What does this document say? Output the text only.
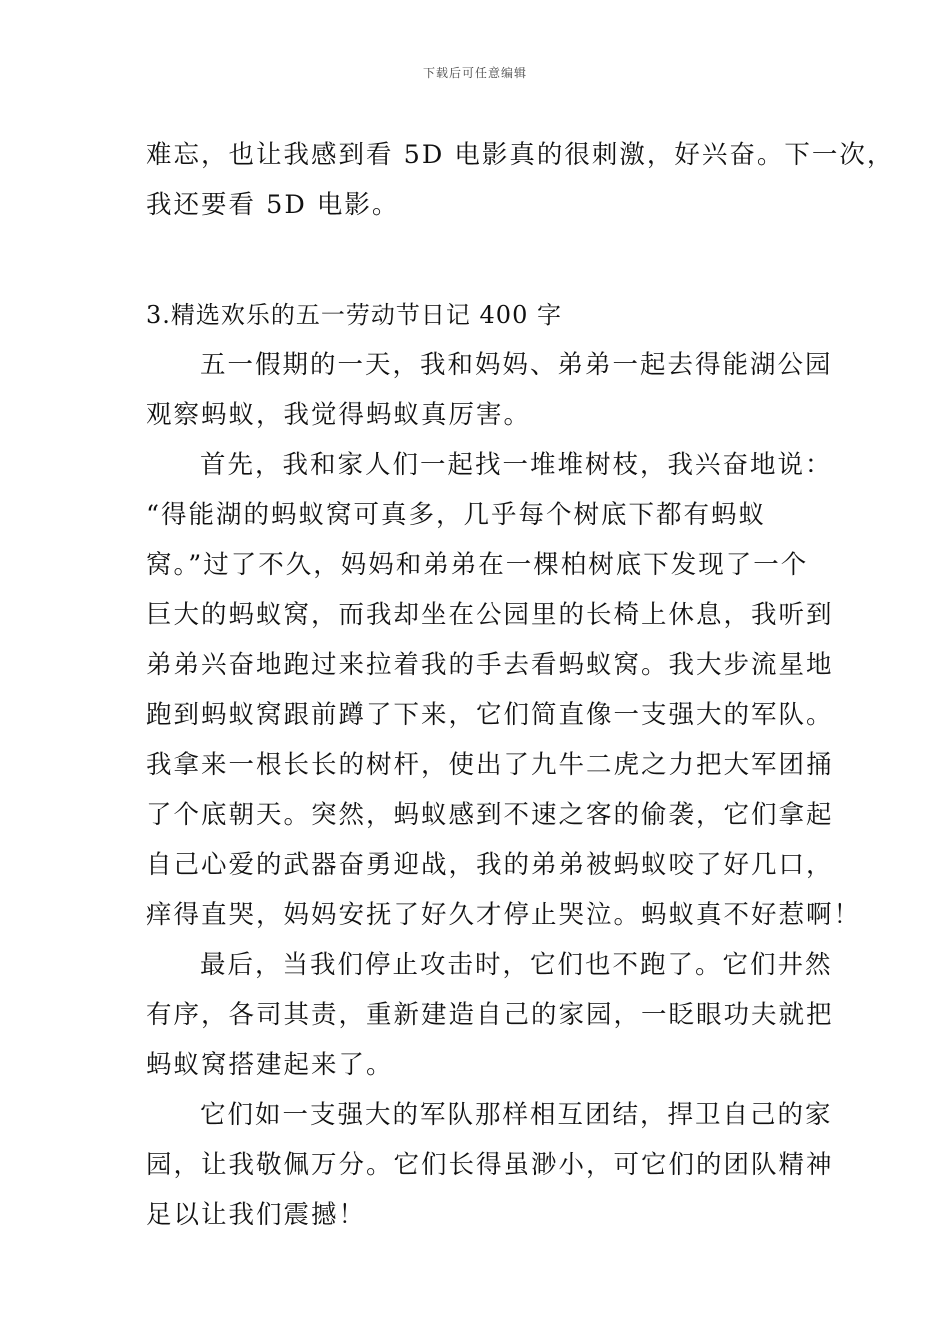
下载后可任意编辑
难忘，也让我感到看 5D 电影真的很刺激，好兴奋。下一次，
我还要看 5D 电影。
3.精选欢乐的五一劳动节日记 400 字
五一假期的一天，我和妈妈、弟弟一起去得能湖公园
观察蚂蚁，我觉得蚂蚁真厉害。
首先，我和家人们一起找一堆堆树枝，我兴奋地说：
“得能湖的蚂蚁窝可真多，几乎每个树底下都有蚂蚁
窝。”过了不久，妈妈和弟弟在一棵柏树底下发现了一个
巨大的蚂蚁窝，而我却坐在公园里的长椅上休息，我听到
弟弟兴奋地跑过来拉着我的手去看蚂蚁窝。我大步流星地
跑到蚂蚁窝跟前蹲了下来，它们简直像一支强大的军队。
我拿来一根长长的树杆，使出了九牛二虎之力把大军团捅
了个底朝天。突然，蚂蚁感到不速之客的偷袭，它们拿起
自己心爱的武器奋勇迎战，我的弟弟被蚂蚁咬了好几口，
痒得直哭，妈妈安抚了好久才停止哭泣。蚂蚁真不好惹啊！
最后，当我们停止攻击时，它们也不跑了。它们井然
有序，各司其责，重新建造自己的家园，一眨眼功夫就把
蚂蚁窝搭建起来了。
它们如一支强大的军队那样相互团结，捍卫自己的家
园，让我敬佩万分。它们长得虽渺小，可它们的团队精神
足以让我们震撼！
